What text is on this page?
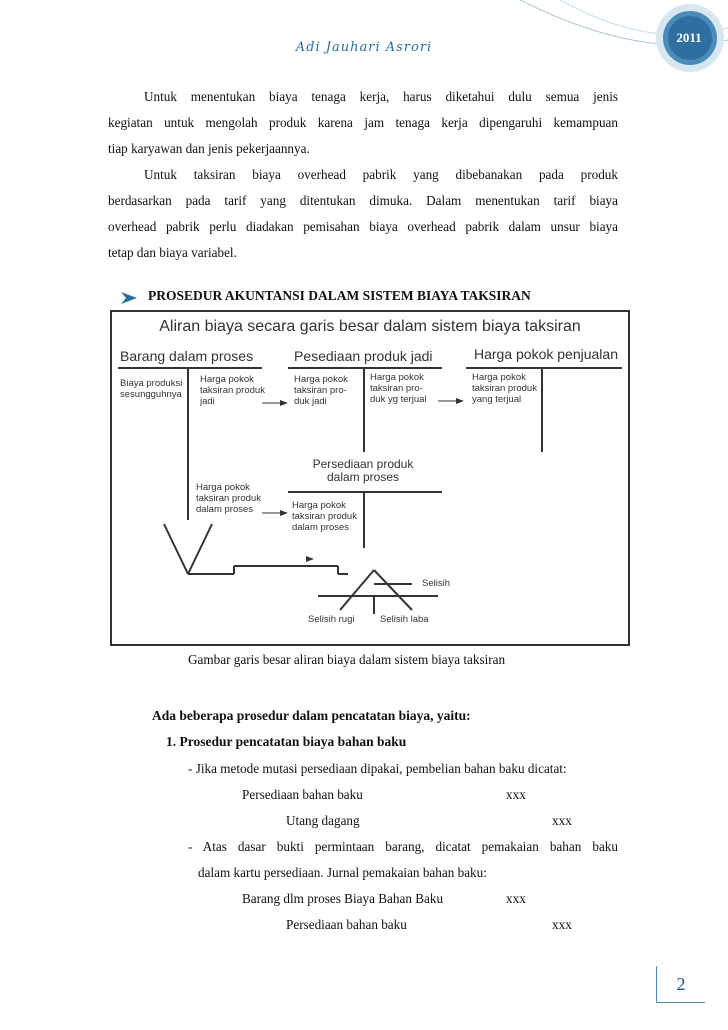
2011
Adi Jauhari Asrori
Untuk menentukan biaya tenaga kerja, harus diketahui dulu semua jenis
kegiatan untuk mengolah produk karena jam tenaga kerja dipengaruhi kemampuan
tiap karyawan dan jenis pekerjaannya.
Untuk taksiran biaya overhead pabrik yang dibebanakan pada produk
berdasarkan pada tarif yang ditentukan dimuka. Dalam menentukan tarif biaya
overhead pabrik perlu diadakan pemisahan biaya overhead pabrik dalam unsur biaya
tetap dan biaya variabel.
PROSEDUR AKUNTANSI DALAM SISTEM BIAYA TAKSIRAN
Aliran biaya secara garis besar dalam sistem biaya taksiran
Barang dalam proses	Pesediaan produk jadi	Harga pokok penjualan
Biaya produksi
sesungguhnya
Harga pokok
taksiran produk
jadi
Harga pokok
taksiran pro-
duk jadi
Harga pokok
taksiran pro-
duk yg terjual
Harga pokok
taksiran produk
yang terjual
Persediaan produk
dalam proses
Harga pokok
taksiran produk
dalam proses	Harga pokok
taksiran produk
dalam proses
Selisih
Selisih rugi	Selisih laba
Gambar garis besar aliran biaya dalam sistem biaya taksiran
Ada beberapa prosedur dalam pencatatan biaya, yaitu:
1. Prosedur pencatatan biaya bahan baku
- Jika metode mutasi persediaan dipakai, pembelian bahan baku dicatat:
Persediaan bahan baku	xxx
Utang dagang	xxx
- Atas dasar bukti permintaan barang, dicatat pemakaian bahan baku
dalam kartu persediaan. Jurnal pemakaian bahan baku:
Barang dlm proses Biaya Bahan Baku	xxx
Persediaan bahan baku	xxx
2
